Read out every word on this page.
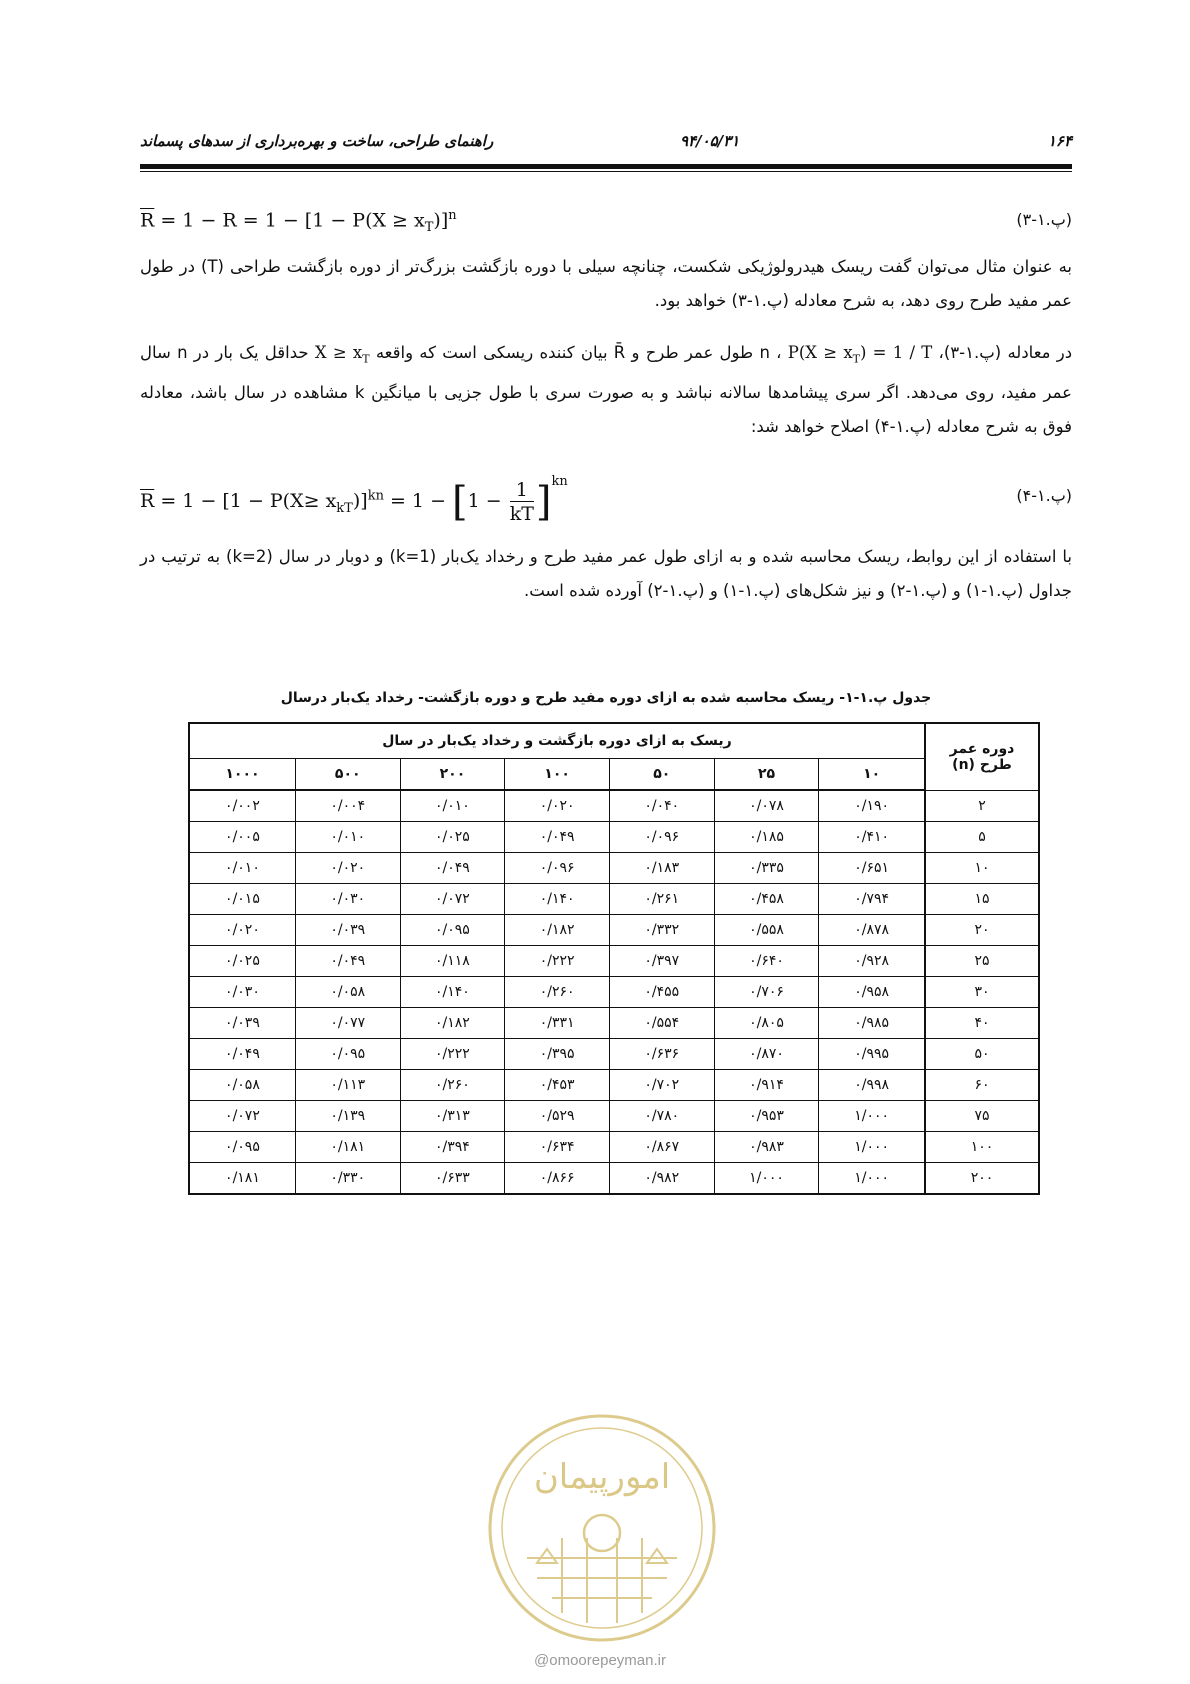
۱۶۴
۹۴/۰۵/۳۱
راهنمای طراحی، ساخت و بهره‌برداری از سدهای پسماند
$\overline{R} = 1 - R = 1 - [1 - P(X \ge x_T)]^n$	(پ.۱-۳)
به عنوان مثال می‌توان گفت ریسک هیدرولوژیکی شکست، چنانچه سیلی با دوره بازگشت بزرگ‌تر از دوره بازگشت طراحی (T) در طول عمر مفید طرح روی دهد، به شرح معادله (پ.۱-۳) خواهد بود.
در معادله (پ.۱-۳)، $P(X \ge x_T) = 1 / T$ ، n طول عمر طرح و R̄ بیان کننده ریسکی است که واقعه $X \ge x_T$ حداقل یک بار در n سال عمر مفید، روی می‌دهد. اگر سری پیشامدها سالانه نباشد و به صورت سری با طول جزیی با میانگین k مشاهده در سال باشد، معادله فوق به شرح معادله (پ.۱-۴) اصلاح خواهد شد:
$\overline{R} = 1 - [1 - P(X\ge x_{kT})]^{kn} = 1 - [1 - \frac{1}{kT} ]^{kn}$
(پ.۱-۴)
با استفاده از این روابط، ریسک محاسبه شده و به ازای طول عمر مفید طرح و رخداد یک‌بار (k=1) و دوبار در سال (k=2) به ترتیب در جداول (پ.۱-۱) و (پ.۱-۲) و نیز شکل‌های (پ.۱-۱) و (پ.۱-۲) آورده شده است.
جدول پ.۱-۱- ریسک محاسبه شده به ازای دوره مفید طرح و دوره بازگشت- رخداد یک‌بار درسال
دوره عمر
طرح (n)	ریسک به ازای دوره بازگشت و رخداد یک‌بار در سال						
	۱۰	۲۵	۵۰	۱۰۰	۲۰۰	۵۰۰	۱۰۰۰
۲	۰/۱۹۰	۰/۰۷۸	۰/۰۴۰	۰/۰۲۰	۰/۰۱۰	۰/۰۰۴	۰/۰۰۲
۵	۰/۴۱۰	۰/۱۸۵	۰/۰۹۶	۰/۰۴۹	۰/۰۲۵	۰/۰۱۰	۰/۰۰۵
۱۰	۰/۶۵۱	۰/۳۳۵	۰/۱۸۳	۰/۰۹۶	۰/۰۴۹	۰/۰۲۰	۰/۰۱۰
۱۵	۰/۷۹۴	۰/۴۵۸	۰/۲۶۱	۰/۱۴۰	۰/۰۷۲	۰/۰۳۰	۰/۰۱۵
۲۰	۰/۸۷۸	۰/۵۵۸	۰/۳۳۲	۰/۱۸۲	۰/۰۹۵	۰/۰۳۹	۰/۰۲۰
۲۵	۰/۹۲۸	۰/۶۴۰	۰/۳۹۷	۰/۲۲۲	۰/۱۱۸	۰/۰۴۹	۰/۰۲۵
۳۰	۰/۹۵۸	۰/۷۰۶	۰/۴۵۵	۰/۲۶۰	۰/۱۴۰	۰/۰۵۸	۰/۰۳۰
۴۰	۰/۹۸۵	۰/۸۰۵	۰/۵۵۴	۰/۳۳۱	۰/۱۸۲	۰/۰۷۷	۰/۰۳۹
۵۰	۰/۹۹۵	۰/۸۷۰	۰/۶۳۶	۰/۳۹۵	۰/۲۲۲	۰/۰۹۵	۰/۰۴۹
۶۰	۰/۹۹۸	۰/۹۱۴	۰/۷۰۲	۰/۴۵۳	۰/۲۶۰	۰/۱۱۳	۰/۰۵۸
۷۵	۱/۰۰۰	۰/۹۵۳	۰/۷۸۰	۰/۵۲۹	۰/۳۱۳	۰/۱۳۹	۰/۰۷۲
۱۰۰	۱/۰۰۰	۰/۹۸۳	۰/۸۶۷	۰/۶۳۴	۰/۳۹۴	۰/۱۸۱	۰/۰۹۵
۲۰۰	۱/۰۰۰	۱/۰۰۰	۰/۹۸۲	۰/۸۶۶	۰/۶۳۳	۰/۳۳۰	۰/۱۸۱
امورپیمان
@omoorepeyman.ir
